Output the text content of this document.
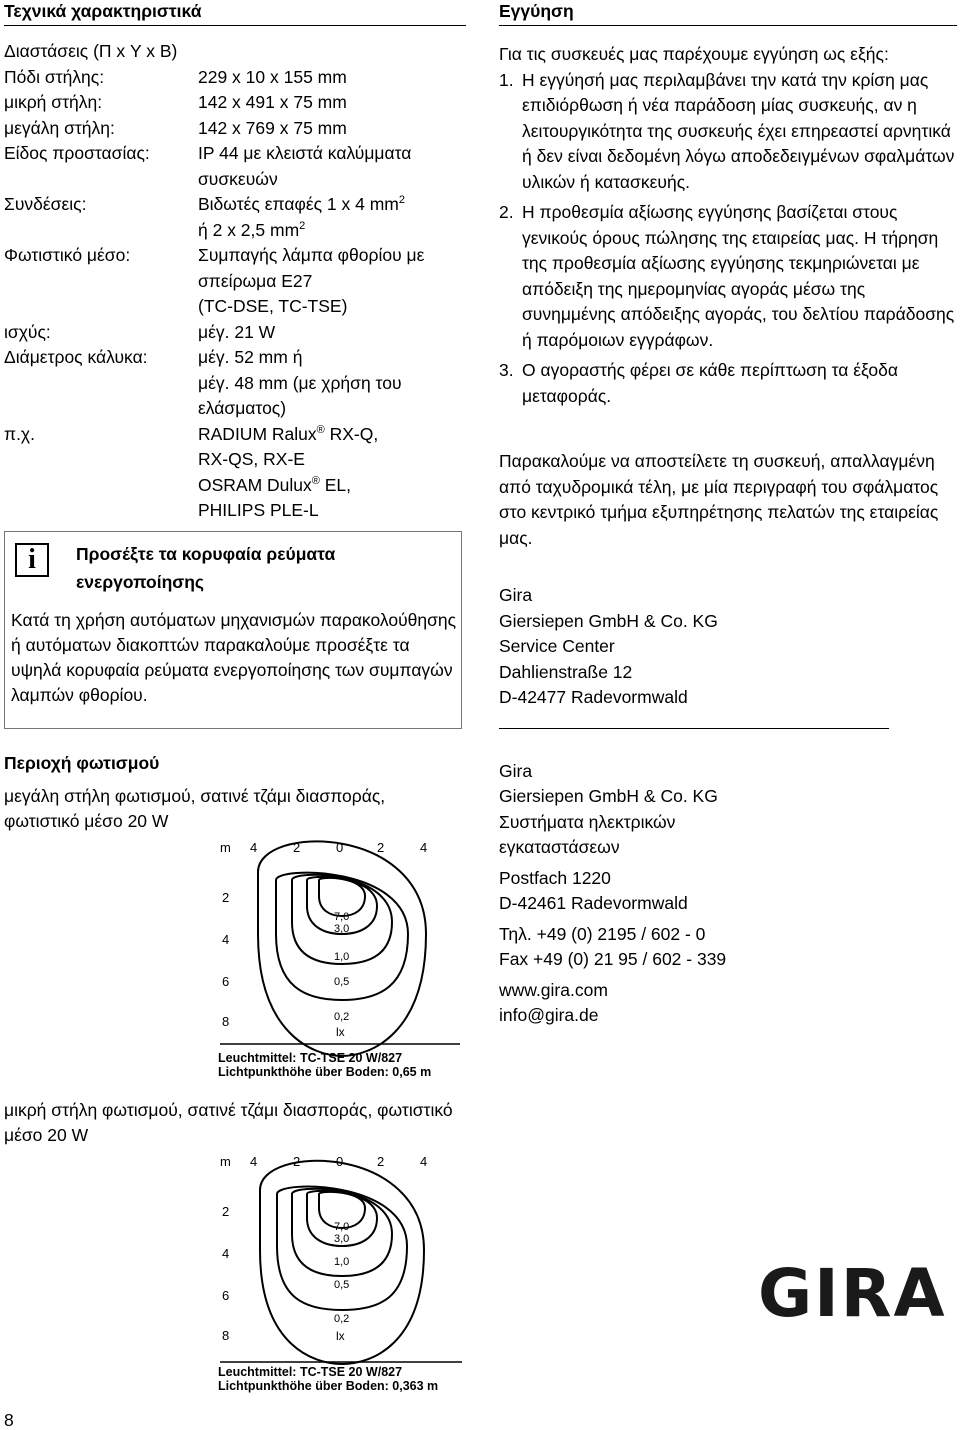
Τεχνικά χαρακτηριστικά
Διαστάσεις (Π x Υ x Β)
Πόδι στήλης:	229 x 10 x 155 mm

μικρή στήλη:	142 x 491 x 75 mm

μεγάλη στήλη:	142 x 769 x 75 mm

Είδος προστασίας:	IP 44 με κλειστά καλύμματα
συσκευών

Συνδέσεις:	Βιδωτές επαφές 1 x 4 $mm^2$
ή 2 x 2,5 $mm^2$

Φωτιστικό μέσο:	Συμπαγής λάμπα φθορίου με
σπείρωμα E27
(TC-DSE, TC-TSE)

ισχύς:	μέγ. 21 W

Διάμετρος κάλυκα:	μέγ. 52 mm ή
μέγ. 48 mm (με χρήση του
ελάσματος)

π.χ.	RADIUM Ralux® RX-Q,
RX-QS, RX-E
OSRAM Dulux® EL,
PHILIPS PLE-L
i	Προσέξτε τα κορυφαία ρεύματα ενεργοποίησης
Κατά τη χρήση αυτόματων μηχανισμών παρακολούθησης ή αυτόματων διακοπτών παρακαλούμε προσέξτε τα υψηλά κορυφαία ρεύματα ενεργοποίησης των συμπαγών λαμπών φθορίου.
Περιοχή φωτισμού
μεγάλη στήλη φωτισμού, σατινέ τζάμι διασποράς, φωτιστικό μέσο 20 W
m 4	2	0	2	4
2
4
6
8
7,0
3,0
1,0
0,5
0,2
lx
Leuchtmittel: TC-TSE 20 W/827
Lichtpunkthöhe über Boden: 0,65 m
μικρή στήλη φωτισμού, σατινέ τζάμι διασποράς, φωτιστικό μέσο 20 W
m 4	2	0	2	4
2
4
6
8
7,0
3,0
1,0
0,5
0,2
lx
Leuchtmittel: TC-TSE 20 W/827
Lichtpunkthöhe über Boden: 0,363 m
8
Εγγύηση
Για τις συσκευές μας παρέχουμε εγγύηση ως εξής:
1. Η εγγύησή μας περιλαμβάνει την κατά την κρίση μας επιδιόρθωση ή νέα παράδοση μίας συσκευής, αν η λειτουργικότητα της συσκευής έχει επηρεαστεί αρνητικά ή δεν είναι δεδομένη λόγω αποδεδειγμένων σφαλμάτων υλικών ή κατασκευής.
2. Η προθεσμία αξίωσης εγγύησης βασίζεται στους γενικούς όρους πώλησης της εταιρείας μας. Η τήρηση της προθεσμία αξίωσης εγγύησης τεκμηριώνεται με απόδειξη της ημερομηνίας αγοράς μέσω της συνημμένης απόδειξης αγοράς, του δελτίου παράδοσης ή παρόμοιων εγγράφων.
3. Ο αγοραστής φέρει σε κάθε περίπτωση τα έξοδα μεταφοράς.
Παρακαλούμε να αποστείλετε τη συσκευή, απαλλαγμένη από ταχυδρομικά τέλη, με μία περιγραφή του σφάλματος στο κεντρικό τμήμα εξυπηρέτησης πελατών της εταιρείας μας.
Gira
Giersiepen GmbH & Co. KG
Service Center
Dahlienstraße 12
D-42477 Radevormwald
Gira
Giersiepen GmbH & Co. KG
Συστήματα ηλεκτρικών
εγκαταστάσεων
Postfach 1220
D-42461 Radevormwald
Τηλ. +49 (0) 2195 / 602 - 0
Fax +49 (0) 21 95 / 602 - 339
www.gira.com
info@gira.de
GIRA
